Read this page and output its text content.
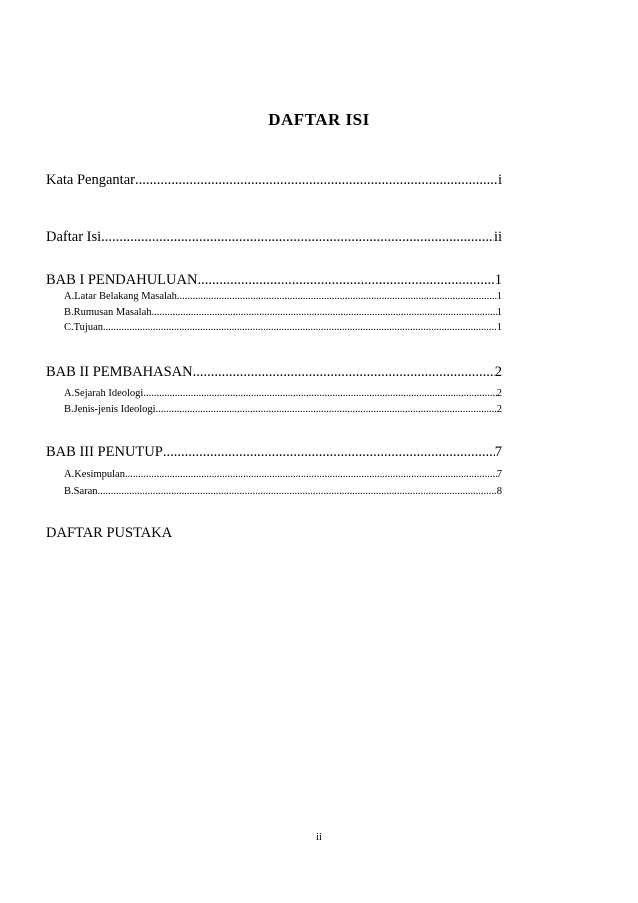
DAFTAR ISI
Kata Pengantar .....	i
Daftar Isi .....	ii
BAB I PENDAHULUAN .....	1
A. Latar Belakang Masalah .....	1
B. Rumusan Masalah .....	1
C. Tujuan .....	1
BAB II PEMBAHASAN .....	2
A. Sejarah Ideologi .....	2
B. Jenis-jenis Ideologi .....	2
BAB III PENUTUP .....	7
A. Kesimpulan .....	7
B. Saran .....	8
DAFTAR PUSTAKA
ii
